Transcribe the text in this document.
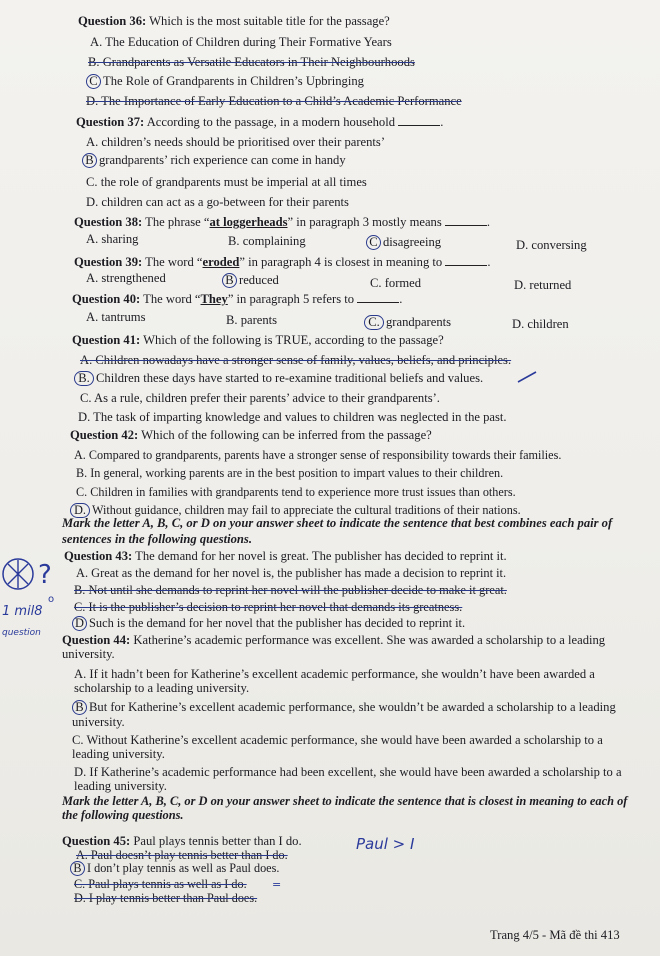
Question 36: Which is the most suitable title for the passage?
A. The Education of Children during Their Formative Years
B. Grandparents as Versatile Educators in Their Neighbourhoods
C The Role of Grandparents in Children’s Upbringing
D. The Importance of Early Education to a Child’s Academic Performance
Question 37: According to the passage, in a modern household	.
A. children’s needs should be prioritised over their parents’
B grandparents’ rich experience can come in handy
C. the role of grandparents must be imperial at all times
D. children can act as a go-between for their parents
Question 38: The phrase “at loggerheads” in paragraph 3 mostly means	.
A. sharing	B. complaining	C disagreeing	D. conversing
Question 39: The word “eroded” in paragraph 4 is closest in meaning to	.
A. strengthened	B reduced	C. formed	D. returned
Question 40: The word “They” in paragraph 5 refers to	.
A. tantrums	B. parents	C. grandparents	D. children
Question 41: Which of the following is TRUE, according to the passage?
A. Children nowadays have a stronger sense of family, values, beliefs, and principles.
B. Children these days have started to re-examine traditional beliefs and values.
C. As a rule, children prefer their parents’ advice to their grandparents’.
D. The task of imparting knowledge and values to children was neglected in the past.
Question 42: Which of the following can be inferred from the passage?
A. Compared to grandparents, parents have a stronger sense of responsibility towards their families.
B. In general, working parents are in the best position to impart values to their children.
C. Children in families with grandparents tend to experience more trust issues than others.
D. Without guidance, children may fail to appreciate the cultural traditions of their nations.
Mark the letter A, B, C, or D on your answer sheet to indicate the sentence that best combines each pair of sentences in the following questions.
Question 43: The demand for her novel is great. The publisher has decided to reprint it.
A. Great as the demand for her novel is, the publisher has made a decision to reprint it.
B. Not until she demands to reprint her novel will the publisher decide to make it great.
C. It is the publisher’s decision to reprint her novel that demands its greatness.
D Such is the demand for her novel that the publisher has decided to reprint it.
Question 44: Katherine’s academic performance was excellent. She was awarded a scholarship to a leading university.
A. If it hadn’t been for Katherine’s excellent academic performance, she wouldn’t have been awarded a scholarship to a leading university.
B But for Katherine’s excellent academic performance, she wouldn’t be awarded a scholarship to a leading university.
C. Without Katherine’s excellent academic performance, she would have been awarded a scholarship to a leading university.
D. If Katherine’s academic performance had been excellent, she would have been awarded a scholarship to a leading university.
Mark the letter A, B, C, or D on your answer sheet to indicate the sentence that is closest in meaning to each of the following questions.
Question 45: Paul plays tennis better than I do.
A. Paul doesn’t play tennis better than I do.
B I don’t play tennis as well as Paul does.
C. Paul plays tennis as well as I do.
D. I play tennis better than Paul does.
?
o
1 mil8
question
Paul > I
=
Trang 4/5 - Mã đề thi 413
